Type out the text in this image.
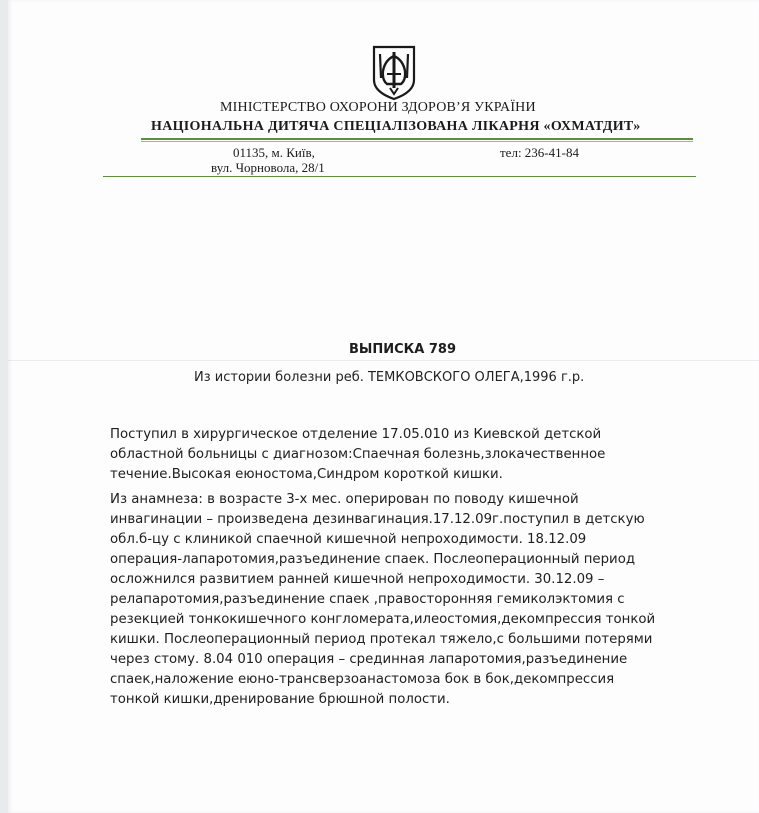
МІНІСТЕРСТВО ОХОРОНИ ЗДОРОВ’Я УКРАЇНИ
НАЦІОНАЛЬНА ДИТЯЧА СПЕЦІАЛІЗОВАНА ЛІКАРНЯ «ОХМАТДИТ»
01135, м. Київ,
вул. Чорновола, 28/1
тел: 236-41-84
ВЫПИСКА 789
Из истории болезни реб. ТЕМКОВСКОГО ОЛЕГА,1996 г.р.
Поступил в хирургическое отделение 17.05.010 из Киевской детской
областной больницы с диагнозом:Спаечная болезнь,злокачественное
течение.Высокая еюностома,Синдром короткой кишки.
Из анамнеза: в возрасте 3-х мес. оперирован по поводу кишечной
инвагинации – произведена дезинвагинация.17.12.09г.поступил в детскую
обл.б-цу с клиникой спаечной кишечной непроходимости. 18.12.09
операция-лапаротомия,разъединение спаек. Послеоперационный период
осложнился развитием ранней кишечной непроходимости. 30.12.09 –
релапаротомия,разъединение спаек ,правосторонняя гемиколэктомия с
резекцией тонкокишечного конгломерата,илеостомия,декомпрессия тонкой
кишки. Послеоперационный период протекал тяжело,с большими потерями
через стому. 8.04 010 операция – срединная лапаротомия,разъединение
спаек,наложение еюно-трансверзоанастомоза бок в бок,декомпрессия
тонкой кишки,дренирование брюшной полости.
